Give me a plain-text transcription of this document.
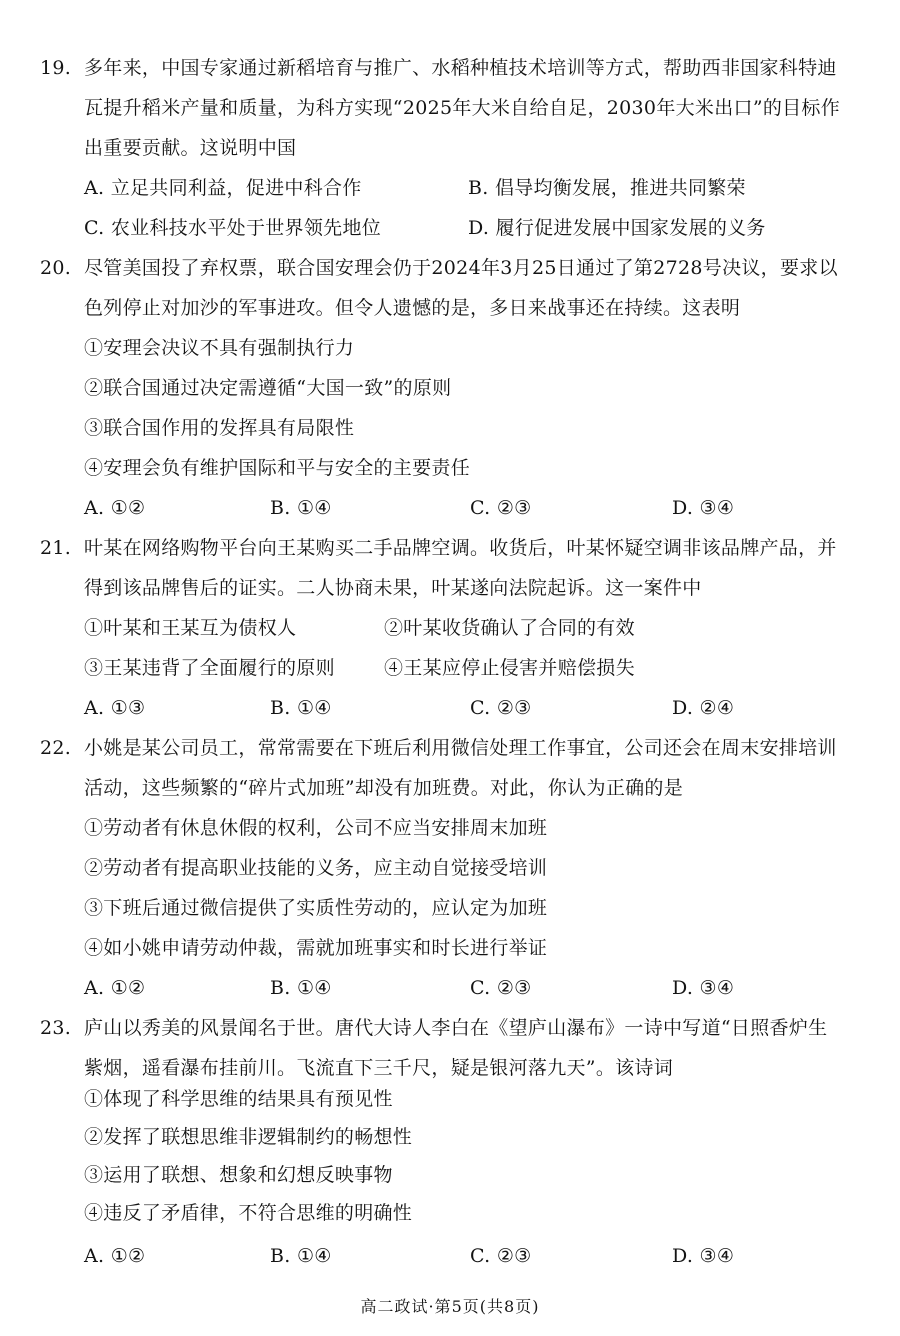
19. 多年来，中国专家通过新稻培育与推广、水稻种植技术培训等方式，帮助西非国家科特迪
瓦提升稻米产量和质量，为科方实现“2025年大米自给自足，2030年大米出口”的目标作
出重要贡献。这说明中国
A. 立足共同利益，促进中科合作	B. 倡导均衡发展，推进共同繁荣
C. 农业科技水平处于世界领先地位	D. 履行促进发展中国家发展的义务
20. 尽管美国投了弃权票，联合国安理会仍于2024年3月25日通过了第2728号决议，要求以
色列停止对加沙的军事进攻。但令人遗憾的是，多日来战事还在持续。这表明
①安理会决议不具有强制执行力
②联合国通过决定需遵循“大国一致”的原则
③联合国作用的发挥具有局限性
④安理会负有维护国际和平与安全的主要责任
A. ①②	B. ①④	C. ②③	D. ③④
21. 叶某在网络购物平台向王某购买二手品牌空调。收货后，叶某怀疑空调非该品牌产品，并
得到该品牌售后的证实。二人协商未果，叶某遂向法院起诉。这一案件中
①叶某和王某互为债权人	②叶某收货确认了合同的有效
③王某违背了全面履行的原则	④王某应停止侵害并赔偿损失
A. ①③	B. ①④	C. ②③	D. ②④
22. 小姚是某公司员工，常常需要在下班后利用微信处理工作事宜，公司还会在周末安排培训
活动，这些频繁的“碎片式加班”却没有加班费。对此，你认为正确的是
①劳动者有休息休假的权利，公司不应当安排周末加班
②劳动者有提高职业技能的义务，应主动自觉接受培训
③下班后通过微信提供了实质性劳动的，应认定为加班
④如小姚申请劳动仲裁，需就加班事实和时长进行举证
A. ①②	B. ①④	C. ②③	D. ③④
23. 庐山以秀美的风景闻名于世。唐代大诗人李白在《望庐山瀑布》一诗中写道“日照香炉生
紫烟，遥看瀑布挂前川。飞流直下三千尺，疑是银河落九天”。该诗词
①体现了科学思维的结果具有预见性
②发挥了联想思维非逻辑制约的畅想性
③运用了联想、想象和幻想反映事物
④违反了矛盾律，不符合思维的明确性
高二政试·第5页(共8页)
A. ①②	B. ①④	C. ②③	D. ③④
